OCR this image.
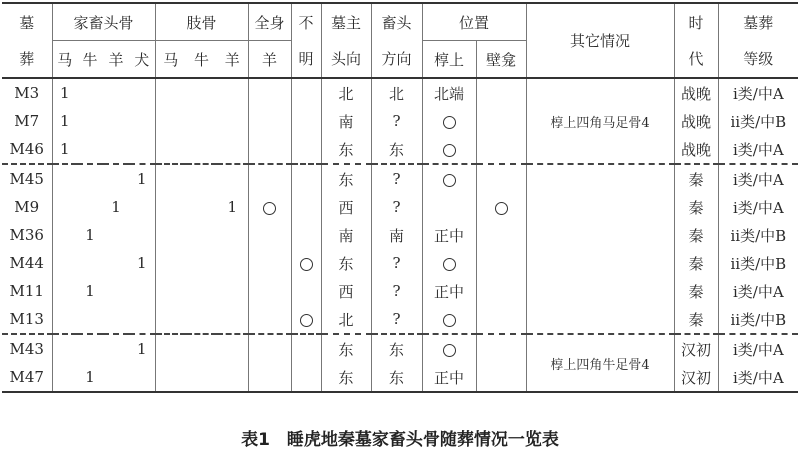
墓	家畜头骨				肢骨			全身	不	墓主	畜头	位置		其它情况	时	墓葬
葬	马	牛	羊	犬	马	牛	羊	羊	明	头向	方向	椁上	壁龛		代	等级
M3	1									北	北	北端		椁上四角马足骨4	战晚	ⅰ类/中A
M7	1									南	?				战晚	ⅱ类/中B
M46	1									东	东				战晚	ⅰ类/中A
M45				1						东	?				秦	ⅰ类/中A
M9			1				1			西	?				秦	ⅰ类/中A
M36		1								南	南	正中			秦	ⅱ类/中B
M44				1						东	?				秦	ⅱ类/中B
M11		1								西	?	正中			秦	ⅰ类/中A
M13										北	?				秦	ⅱ类/中B
M43				1						东	东			椁上四角牛足骨4	汉初	ⅰ类/中A
M47		1								东	东	正中			汉初	ⅰ类/中A
表1　睡虎地秦墓家畜头骨随葬情况一览表
